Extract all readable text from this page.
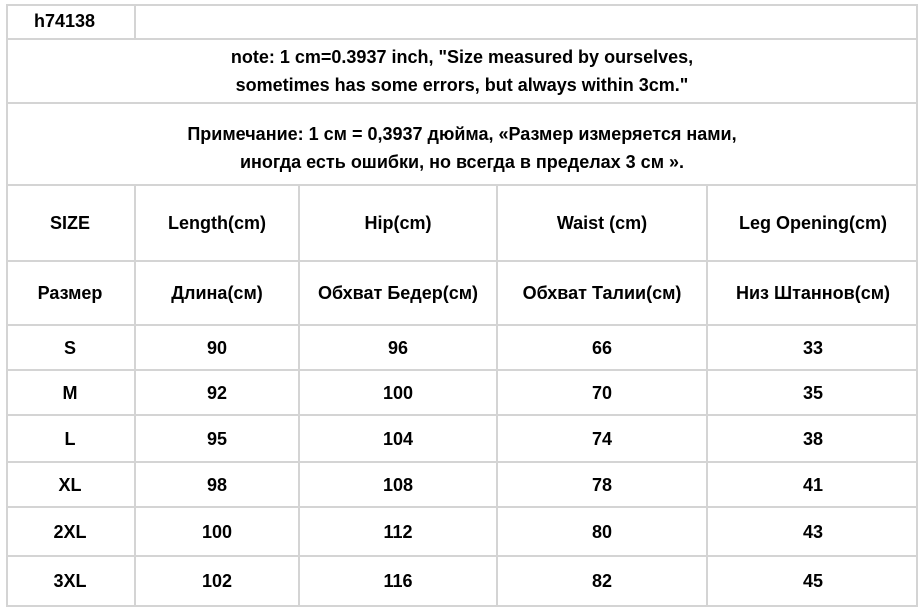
h74138
note: 1 cm=0.3937 inch, "Size measured by ourselves,
sometimes has some errors, but always within 3cm."
Примечание: 1 см = 0,3937 дюйма, «Размер измеряется нами,
иногда есть ошибки, но всегда в пределах 3 см ».
SIZE	Length(cm)	Hip(cm)	Waist (cm)	Leg Opening(cm)
Размер	Длина(см)	Обхват Бедер(см)	Обхват Талии(см)	Низ Штаннов(см)
S	90	96	66	33
M	92	100	70	35
L	95	104	74	38
XL	98	108	78	41
2XL	100	112	80	43
3XL	102	116	82	45
